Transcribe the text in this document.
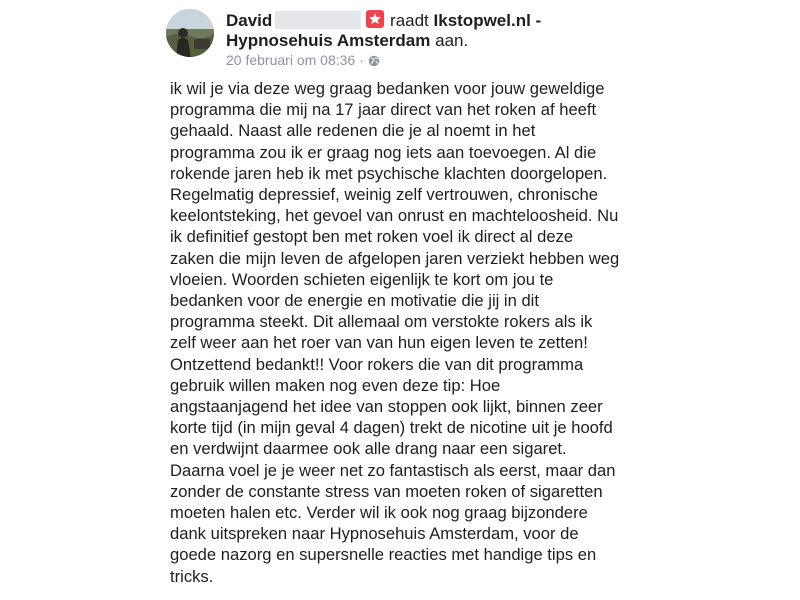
David	raadt Ikstopwel.nl - Hypnosehuis Amsterdam aan.
20 februari om 08:36 ·
ik wil je via deze weg graag bedanken voor jouw geweldige
programma die mij na 17 jaar direct van het roken af heeft
gehaald. Naast alle redenen die je al noemt in het
programma zou ik er graag nog iets aan toevoegen. Al die
rokende jaren heb ik met psychische klachten doorgelopen.
Regelmatig depressief, weinig zelf vertrouwen, chronische
keelontsteking, het gevoel van onrust en machteloosheid. Nu
ik definitief gestopt ben met roken voel ik direct al deze
zaken die mijn leven de afgelopen jaren verziekt hebben weg
vloeien. Woorden schieten eigenlijk te kort om jou te
bedanken voor de energie en motivatie die jij in dit
programma steekt. Dit allemaal om verstokte rokers als ik
zelf weer aan het roer van van hun eigen leven te zetten!
Ontzettend bedankt!! Voor rokers die van dit programma
gebruik willen maken nog even deze tip: Hoe
angstaanjagend het idee van stoppen ook lijkt, binnen zeer
korte tijd (in mijn geval 4 dagen) trekt de nicotine uit je hoofd
en verdwijnt daarmee ook alle drang naar een sigaret.
Daarna voel je je weer net zo fantastisch als eerst, maar dan
zonder de constante stress van moeten roken of sigaretten
moeten halen etc. Verder wil ik ook nog graag bijzondere
dank uitspreken naar Hypnosehuis Amsterdam, voor de
goede nazorg en supersnelle reacties met handige tips en
tricks.
